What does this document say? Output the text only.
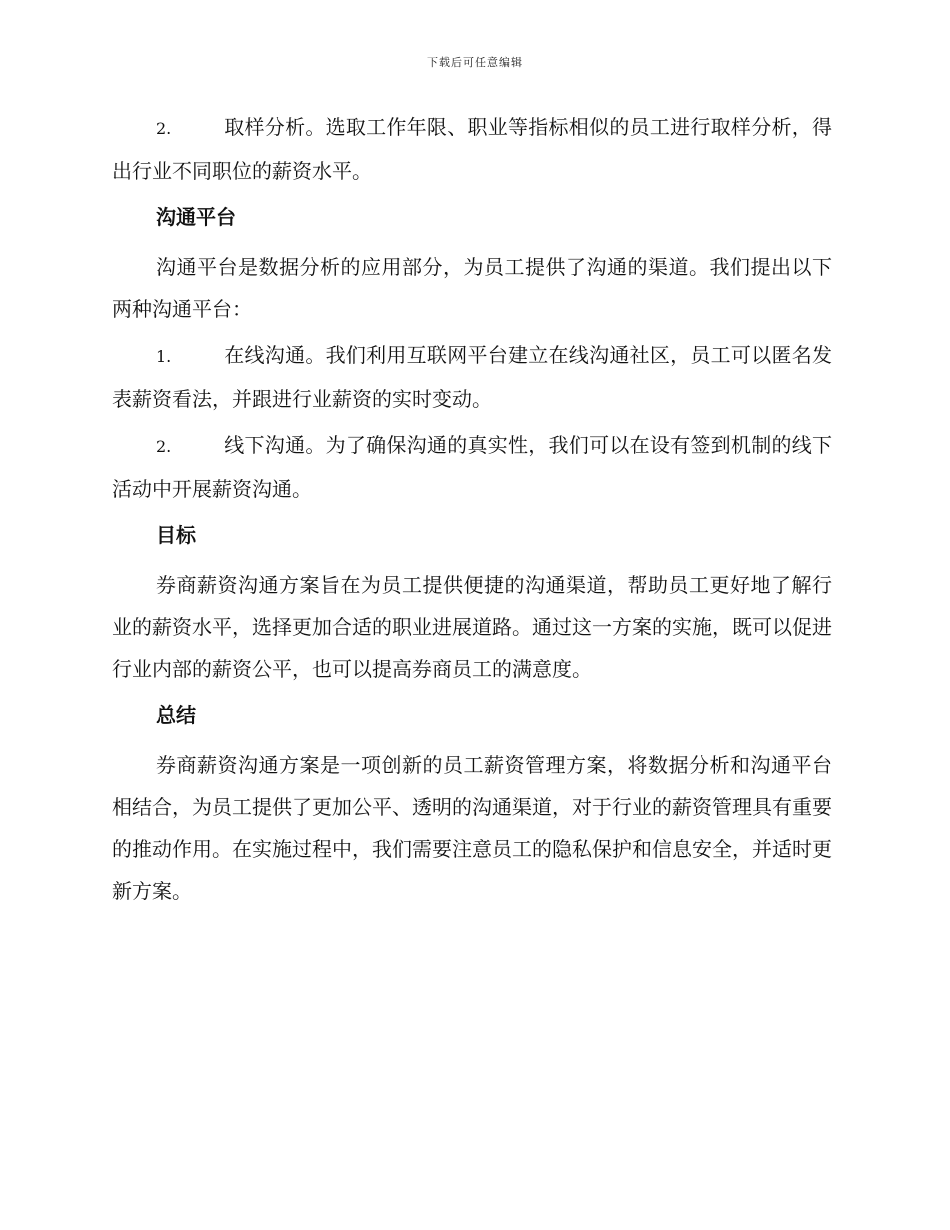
下载后可任意编辑

2.	取样分析。选取工作年限、职业等指标相似的员工进行取样分析，得出行业不同职位的薪资水平。

沟通平台

沟通平台是数据分析的应用部分，为员工提供了沟通的渠道。我们提出以下两种沟通平台：

1.	在线沟通。我们利用互联网平台建立在线沟通社区，员工可以匿名发表薪资看法，并跟进行业薪资的实时变动。

2.	线下沟通。为了确保沟通的真实性，我们可以在设有签到机制的线下活动中开展薪资沟通。

目标

券商薪资沟通方案旨在为员工提供便捷的沟通渠道，帮助员工更好地了解行业的薪资水平，选择更加合适的职业进展道路。通过这一方案的实施，既可以促进行业内部的薪资公平，也可以提高券商员工的满意度。

总结

券商薪资沟通方案是一项创新的员工薪资管理方案，将数据分析和沟通平台相结合，为员工提供了更加公平、透明的沟通渠道，对于行业的薪资管理具有重要的推动作用。在实施过程中，我们需要注意员工的隐私保护和信息安全，并适时更新方案。
